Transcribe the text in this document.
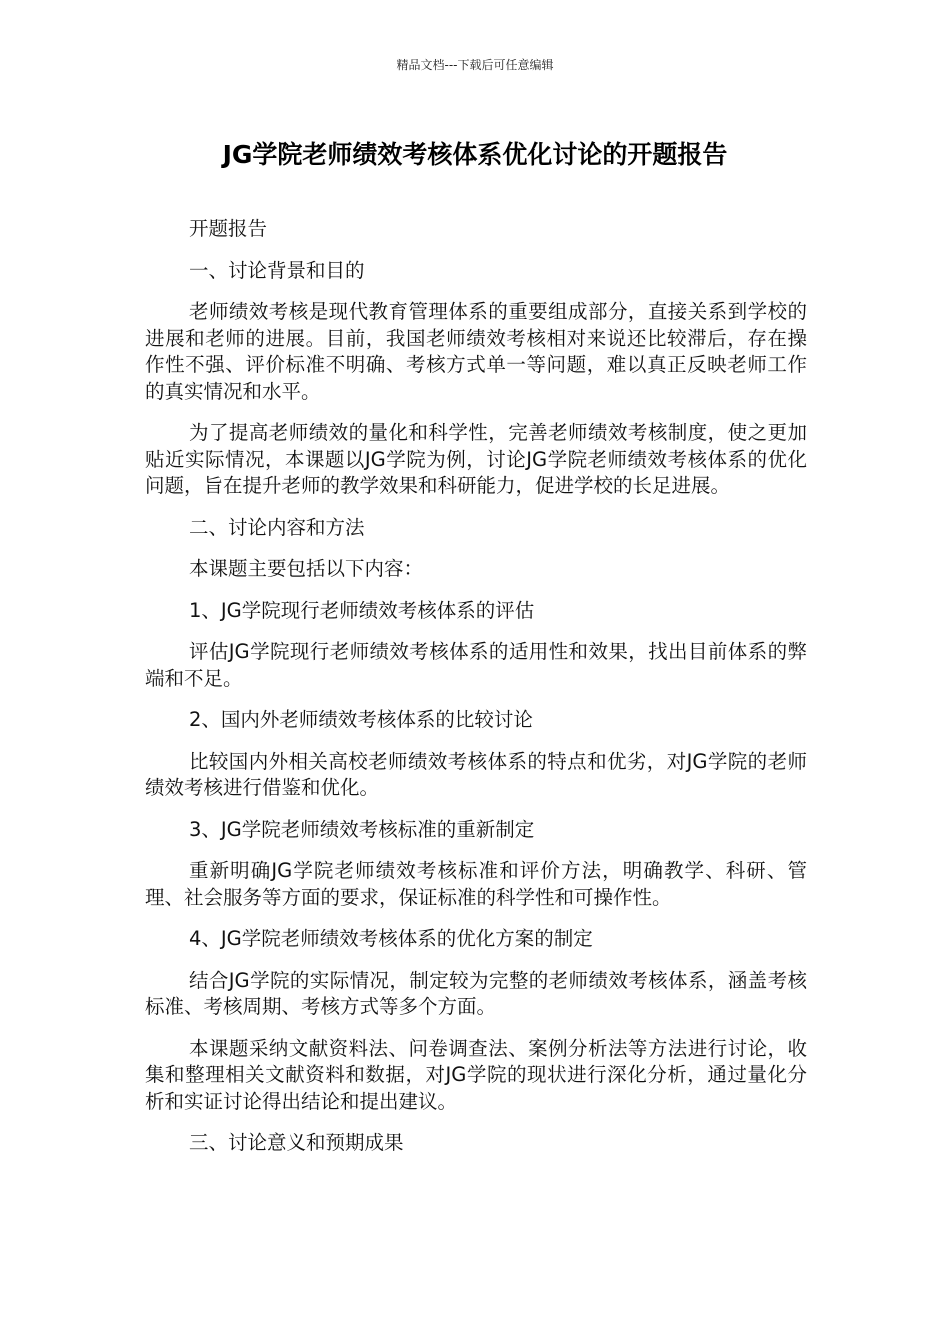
精品文档---下载后可任意编辑
JG学院老师绩效考核体系优化讨论的开题报告

开题报告

一、讨论背景和目的

老师绩效考核是现代教育管理体系的重要组成部分，直接关系到学校的进展和老师的进展。目前，我国老师绩效考核相对来说还比较滞后，存在操作性不强、评价标准不明确、考核方式单一等问题，难以真正反映老师工作的真实情况和水平。

为了提高老师绩效的量化和科学性，完善老师绩效考核制度，使之更加贴近实际情况，本课题以JG学院为例，讨论JG学院老师绩效考核体系的优化问题，旨在提升老师的教学效果和科研能力，促进学校的长足进展。

二、讨论内容和方法

本课题主要包括以下内容：

1、JG学院现行老师绩效考核体系的评估

评估JG学院现行老师绩效考核体系的适用性和效果，找出目前体系的弊端和不足。

2、国内外老师绩效考核体系的比较讨论

比较国内外相关高校老师绩效考核体系的特点和优劣，对JG学院的老师绩效考核进行借鉴和优化。

3、JG学院老师绩效考核标准的重新制定

重新明确JG学院老师绩效考核标准和评价方法，明确教学、科研、管理、社会服务等方面的要求，保证标准的科学性和可操作性。

4、JG学院老师绩效考核体系的优化方案的制定

结合JG学院的实际情况，制定较为完整的老师绩效考核体系，涵盖考核标准、考核周期、考核方式等多个方面。

本课题采纳文献资料法、问卷调查法、案例分析法等方法进行讨论，收集和整理相关文献资料和数据，对JG学院的现状进行深化分析，通过量化分析和实证讨论得出结论和提出建议。

三、讨论意义和预期成果
